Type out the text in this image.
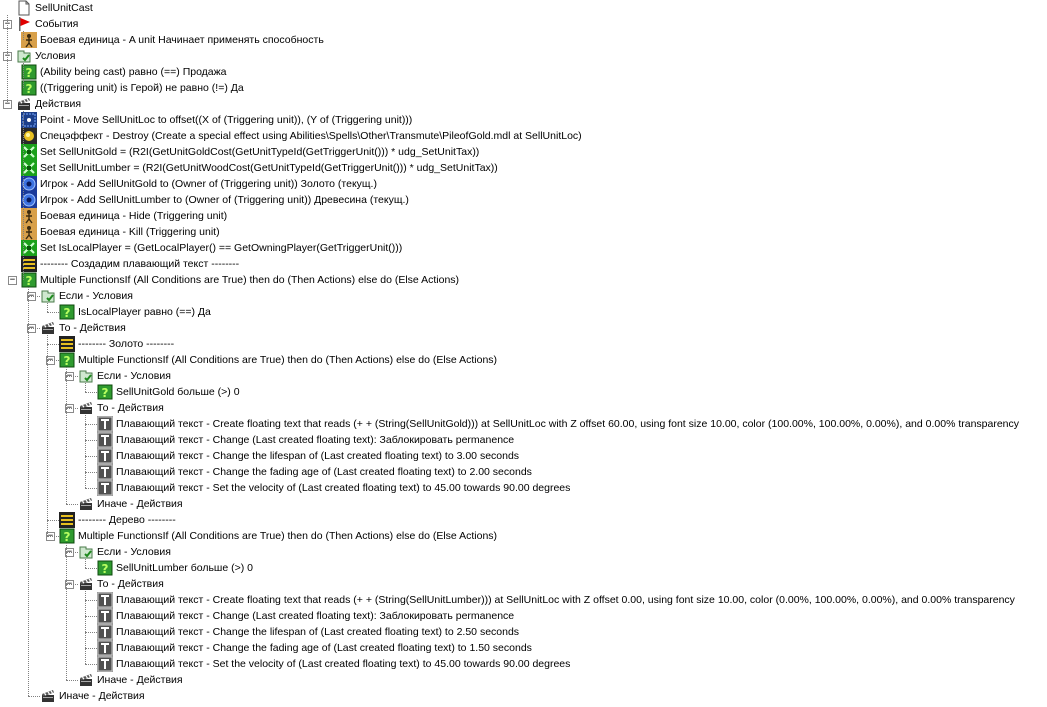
SellUnitCast
− События
Боевая единица - A unit Начинает применять способность
− Условия
? (Ability being cast) равно (==) Продажа
? ((Triggering unit) is Герой) не равно (!=) Да
− Действия
Point - Move SellUnitLoc to offset((X of (Triggering unit)), (Y of (Triggering unit)))
Спецэффект - Destroy (Create a special effect using Abilities\Spells\Other\Transmute\PileofGold.mdl at SellUnitLoc)
Set SellUnitGold = (R2I(GetUnitGoldCost(GetUnitTypeId(GetTriggerUnit())) * udg_SetUnitTax))
Set SellUnitLumber = (R2I(GetUnitWoodCost(GetUnitTypeId(GetTriggerUnit())) * udg_SetUnitTax))
Игрок - Add SellUnitGold to (Owner of (Triggering unit)) Золото (текущ.)
Игрок - Add SellUnitLumber to (Owner of (Triggering unit)) Древесина (текущ.)
Боевая единица - Hide (Triggering unit)
Боевая единица - Kill (Triggering unit)
Set IsLocalPlayer = (GetLocalPlayer() == GetOwningPlayer(GetTriggerUnit()))
-------- Создадим плавающий текст --------
− ? Multiple FunctionsIf (All Conditions are True) then do (Then Actions) else do (Else Actions)
− Если - Условия
? IsLocalPlayer равно (==) Да
− То - Действия
-------- Золото --------
− ? Multiple FunctionsIf (All Conditions are True) then do (Then Actions) else do (Else Actions)
− Если - Условия
? SellUnitGold больше (>) 0
− То - Действия
Плавающий текст - Create floating text that reads (+ + (String(SellUnitGold))) at SellUnitLoc with Z offset 60.00, using font size 10.00, color (100.00%, 100.00%, 0.00%), and 0.00% transparency
Плавающий текст - Change (Last created floating text): Заблокировать permanence
Плавающий текст - Change the lifespan of (Last created floating text) to 3.00 seconds
Плавающий текст - Change the fading age of (Last created floating text) to 2.00 seconds
Плавающий текст - Set the velocity of (Last created floating text) to 45.00 towards 90.00 degrees
Иначе - Действия
-------- Дерево --------
− ? Multiple FunctionsIf (All Conditions are True) then do (Then Actions) else do (Else Actions)
− Если - Условия
? SellUnitLumber больше (>) 0
− То - Действия
Плавающий текст - Create floating text that reads (+ + (String(SellUnitLumber))) at SellUnitLoc with Z offset 0.00, using font size 10.00, color (0.00%, 100.00%, 0.00%), and 0.00% transparency
Плавающий текст - Change (Last created floating text): Заблокировать permanence
Плавающий текст - Change the lifespan of (Last created floating text) to 2.50 seconds
Плавающий текст - Change the fading age of (Last created floating text) to 1.50 seconds
Плавающий текст - Set the velocity of (Last created floating text) to 45.00 towards 90.00 degrees
Иначе - Действия
Иначе - Действия
